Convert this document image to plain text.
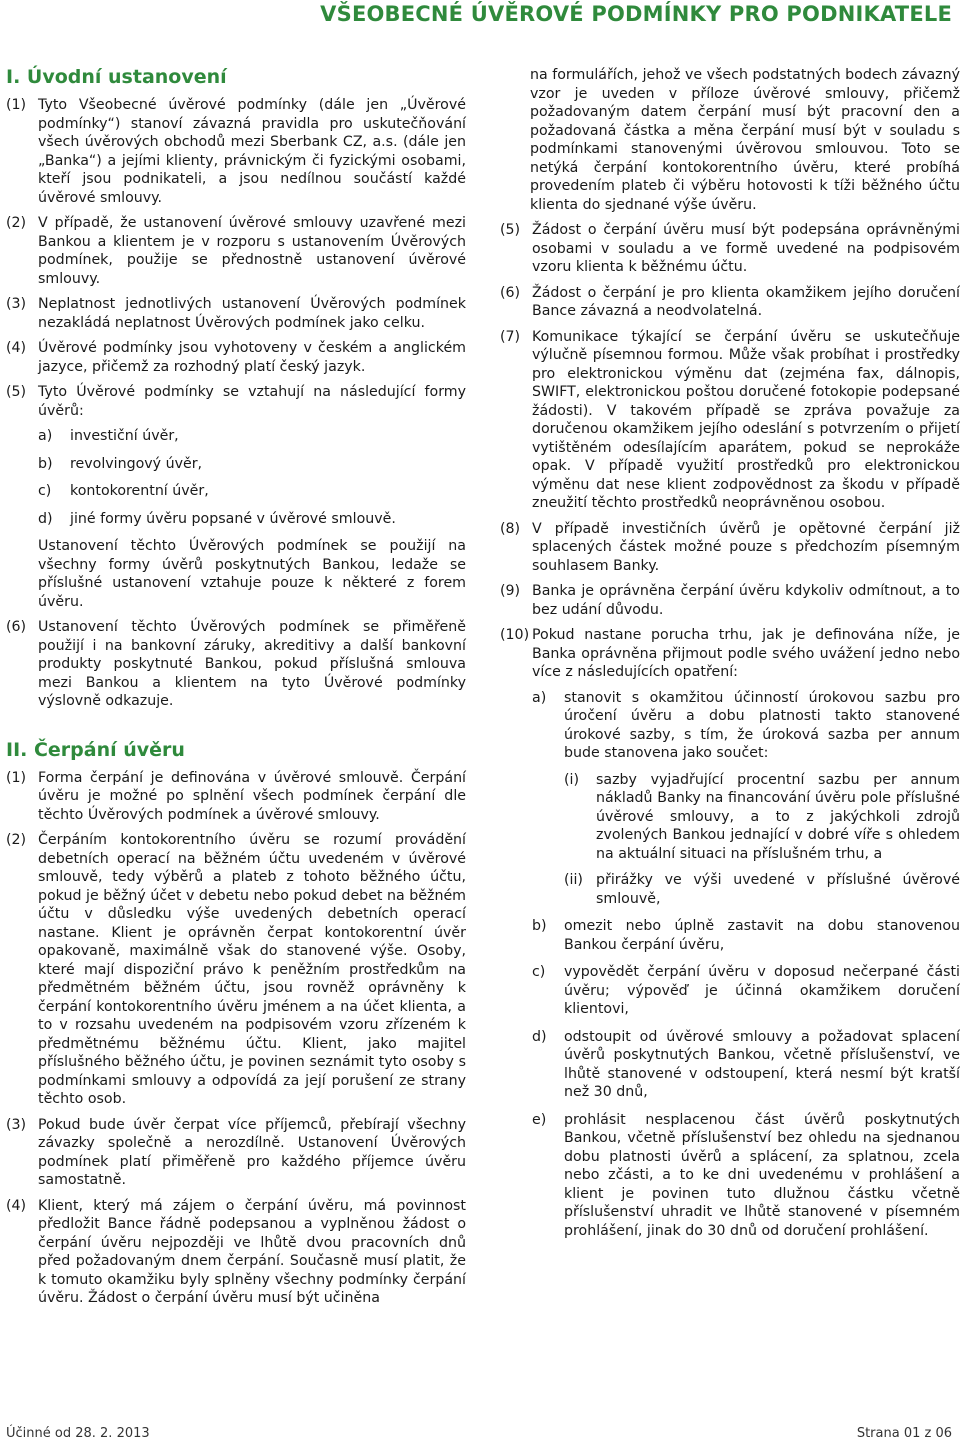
VŠEOBECNÉ ÚVĚROVÉ PODMÍNKY PRO PODNIKATELE
I. Úvodní ustanovení
(1) Tyto Všeobecné úvěrové podmínky (dále jen „Úvěrové podmínky“) stanoví závazná pravidla pro uskutečňování všech úvěrových obchodů mezi Sberbank CZ, a.s. (dále jen „Banka“) a jejími klienty, právnickým či fyzickými osobami, kteří jsou podnikateli, a jsou nedílnou součástí každé úvěrové smlouvy.
(2) V případě, že ustanovení úvěrové smlouvy uzavřené mezi Bankou a klientem je v rozporu s ustanovením Úvěrových podmínek, použije se přednostně ustanovení úvěrové smlouvy.
(3) Neplatnost jednotlivých ustanovení Úvěrových podmínek nezakládá neplatnost Úvěrových podmínek jako celku.
(4) Úvěrové podmínky jsou vyhotoveny v českém a anglickém jazyce, přičemž za rozhodný platí český jazyk.
(5) Tyto Úvěrové podmínky se vztahují na následující formy úvěrů:
a) investiční úvěr,
b) revolvingový úvěr,
c) kontokorentní úvěr,
d) jiné formy úvěru popsané v úvěrové smlouvě.
Ustanovení těchto Úvěrových podmínek se použijí na všechny formy úvěrů poskytnutých Bankou, ledaže se příslušné ustanovení vztahuje pouze k některé z forem úvěru.
(6) Ustanovení těchto Úvěrových podmínek se přiměřeně použijí i na bankovní záruky, akreditivy a další bankovní produkty poskytnuté Bankou, pokud příslušná smlouva mezi Bankou a klientem na tyto Úvěrové podmínky výslovně odkazuje.
II. Čerpání úvěru
(1) Forma čerpání je definována v úvěrové smlouvě. Čerpání úvěru je možné po splnění všech podmínek čerpání dle těchto Úvěrových podmínek a úvěrové smlouvy.
(2) Čerpáním kontokorentního úvěru se rozumí provádění debetních operací na běžném účtu uvedeném v úvěrové smlouvě, tedy výběrů a plateb z tohoto běžného účtu, pokud je běžný účet v debetu nebo pokud debet na běžném účtu v důsledku výše uvedených debetních operací nastane. Klient je oprávněn čerpat kontokorentní úvěr opakovaně, maximálně však do stanovené výše. Osoby, které mají dispoziční právo k peněžním prostředkům na předmětném běžném účtu, jsou rovněž oprávněny k čerpání kontokorentního úvěru jménem a na účet klienta, a to v rozsahu uvedeném na podpisovém vzoru zřízeném k předmětnému běžnému účtu. Klient, jako majitel příslušného běžného účtu, je povinen seznámit tyto osoby s podmínkami smlouvy a odpovídá za její porušení ze strany těchto osob.
(3) Pokud bude úvěr čerpat více příjemců, přebírají všechny závazky společně a nerozdílně. Ustanovení Úvěrových podmínek platí přiměřeně pro každého příjemce úvěru samostatně.
(4) Klient, který má zájem o čerpání úvěru, má povinnost předložit Bance řádně podepsanou a vyplněnou žádost o čerpání úvěru nejpozději ve lhůtě dvou pracovních dnů před požadovaným dnem čerpání. Současně musí platit, že k tomuto okamžiku byly splněny všechny podmínky čerpání úvěru. Žádost o čerpání úvěru musí být učiněna
na formulářích, jehož ve všech podstatných bodech závazný vzor je uveden v příloze úvěrové smlouvy, přičemž požadovaným datem čerpání musí být pracovní den a požadovaná částka a měna čerpání musí být v souladu s podmínkami stanovenými úvěrovou smlouvou. Toto se netýká čerpání kontokorentního úvěru, které probíhá provedením plateb či výběru hotovosti k tíži běžného účtu klienta do sjednané výše úvěru.
(5) Žádost o čerpání úvěru musí být podepsána oprávněnými osobami v souladu a ve formě uvedené na podpisovém vzoru klienta k běžnému účtu.
(6) Žádost o čerpání je pro klienta okamžikem jejího doručení Bance závazná a neodvolatelná.
(7) Komunikace týkající se čerpání úvěru se uskutečňuje výlučně písemnou formou. Může však probíhat i prostředky pro elektronickou výměnu dat (zejména fax, dálnopis, SWIFT, elektronickou poštou doručené fotokopie podepsané žádosti). V takovém případě se zpráva považuje za doručenou okamžikem jejího odeslání s potvrzením o přijetí vytištěném odesílajícím aparátem, pokud se neprokáže opak. V případě využití prostředků pro elektronickou výměnu dat nese klient zodpovědnost za škodu v případě zneužití těchto prostředků neoprávněnou osobou.
(8) V případě investičních úvěrů je opětovné čerpání již splacených částek možné pouze s předchozím písemným souhlasem Banky.
(9) Banka je oprávněna čerpání úvěru kdykoliv odmítnout, a to bez udání důvodu.
(10) Pokud nastane porucha trhu, jak je definována níže, je Banka oprávněna přijmout podle svého uvážení jedno nebo více z následujících opatření:
a) stanovit s okamžitou účinností úrokovou sazbu pro úročení úvěru a dobu platnosti takto stanovené úrokové sazby, s tím, že úroková sazba per annum bude stanovena jako součet:
(i) sazby vyjadřující procentní sazbu per annum nákladů Banky na financování úvěru pole příslušné úvěrové smlouvy, a to z jakýchkoli zdrojů zvolených Bankou jednající v dobré víře s ohledem na aktuální situaci na příslušném trhu, a
(ii) přirážky ve výši uvedené v příslušné úvěrové smlouvě,
b) omezit nebo úplně zastavit na dobu stanovenou Bankou čerpání úvěru,
c) vypovědět čerpání úvěru v doposud nečerpané části úvěru; výpověď je účinná okamžikem doručení klientovi,
d) odstoupit od úvěrové smlouvy a požadovat splacení úvěrů poskytnutých Bankou, včetně příslušenství, ve lhůtě stanovené v odstoupení, která nesmí být kratší než 30 dnů,
e) prohlásit nesplacenou část úvěrů poskytnutých Bankou, včetně příslušenství bez ohledu na sjednanou dobu platnosti úvěrů a splácení, za splatnou, zcela nebo zčásti, a to ke dni uvedenému v prohlášení a klient je povinen tuto dlužnou částku včetně příslušenství uhradit ve lhůtě stanovené v písemném prohlášení, jinak do 30 dnů od doručení prohlášení.
Účinné od 28. 2. 2013	Strana 01 z 06
